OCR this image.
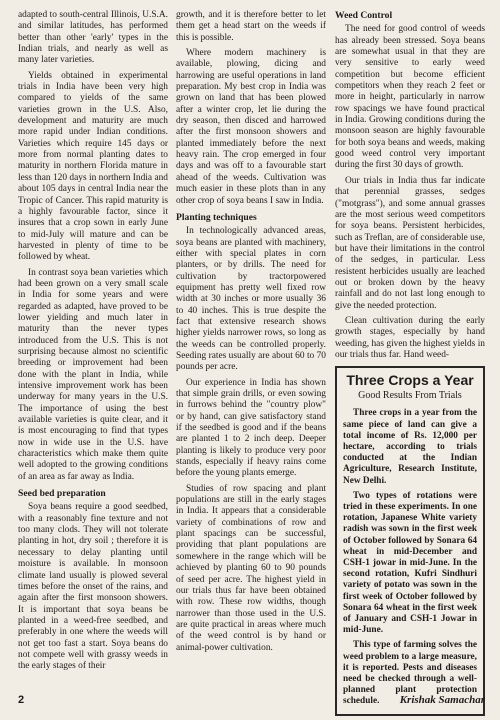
adapted to south-central Illinois, U.S.A. and similar latitudes, has performed better than other 'early' types in the Indian trials, and nearly as well as many later varieties.

Yields obtained in experimental trials in India have been very high compared to yields of the same varieties grown in the U.S. Also, development and maturity are much more rapid under Indian conditions. Varieties which require 145 days or more from normal planting dates to maturity in northern Florida mature in less than 120 days in northern India and about 105 days in central India near the Tropic of Cancer. This rapid maturity is a highly favourable factor, since it insures that a crop sown in early June to mid-July will mature and can be harvested in plenty of time to be followed by wheat.

In contrast soya bean varieties which had been grown on a very small scale in India for some years and were regarded as adapted, have proved to be lower yielding and much later in maturity than the never types introduced from the U.S. This is not surprising because almost no scientific breeding or improvement had been done with the plant in India, while intensive improvement work has been underway for many years in the U.S. The importance of using the best available varieties is quite clear, and it is most encouraging to find that types now in wide use in the U.S. have characteristics which make them quite well adopted to the growing conditions of an area as far away as India.

Seed bed preparation

Soya beans require a good seedbed, with a reasonably fine texture and not too many clods. They will not tolerate planting in hot, dry soil ; therefore it is necessary to delay planting until moisture is available. In monsoon climate land usually is plowed several times before the onset of the rains, and again after the first monsoon showers. It is important that soya beans be planted in a weed-free seedbed, and preferably in one where the weeds will not get too fast a start. Soya beans do not compete well with grassy weeds in the early stages of their

growth, and it is therefore better to let them get a head start on the weeds if this is possible.

Where modern machinery is available, plowing, dicing and harrowing are useful operations in land preparation. My best crop in India was grown on land that has been plowed after a winter crop, let lie during the dry season, then disced and harrowed after the first monsoon showers and planted immediately before the next heavy rain. The crop emerged in four days and was off to a favourable start ahead of the weeds. Cultivation was much easier in these plots than in any other crop of soya beans I saw in India.

Planting techniques

In technologically advanced areas, soya beans are planted with machinery, either with special plates in corn planters, or by drills. The need for cultivation by tractorpowered equipment has pretty well fixed row width at 30 inches or more usually 36 to 40 inches. This is true despite the fact that extensive research shows higher yields narrower rows, so long as the weeds can be controlled properly. Seeding rates usually are about 60 to 70 pounds per acre.

Our experience in India has shown that simple grain drills, or even sowing in furrows behind the "country plow" or by hand, can give satisfactory stand if the seedbed is good and if the beans are planted 1 to 2 inch deep. Deeper planting is likely to produce very poor stands, especially if heavy rains come before the young plants emerge.

Studies of row spacing and plant populations are still in the early stages in India. It appears that a considerable variety of combinations of row and plant spacings can be successful, providing that plant populations are somewhere in the range which will be achieved by planting 60 to 90 pounds of seed per acre. The highest yield in our trials thus far have been obtained with row. These row widths, though narrower than those used in the U.S. are quite practical in areas where much of the weed control is by hand or animal-power cultivation.

Weed Control

The need for good control of weeds has already been stressed. Soya beans are somewhat usual in that they are very sensitive to early weed competition but become efficient competitors when they reach 2 feet or more in height, particularly in narrow row spacings we have found practical in India. Growing conditions during the monsoon season are highly favourable for both soya beans and weeds, making good weed control very important during the first 30 days of growth.

Our trials in India thus far indicate that perennial grasses, sedges ("motgrass"), and some annual grasses are the most serious weed competitors for soya beans. Persistent herbicides, such as Treflan, are of considerable use, but have their limitations in the control of the sedges, in particular. Less resistent herbicides usually are leached out or broken down by the heavy rainfall and do not last long enough to give the needed protection.

Clean cultivation during the early growth stages, especially by hand weeding, has given the highest yields in our trials thus far. Hand weed-

Three Crops a Year
Good Results From Trials

Three crops in a year from the same piece of land can give a total income of Rs. 12,000 per hectare, according to trials conducted at the Indian Agriculture, Research Institute, New Delhi.

Two types of rotations were tried in these experiments. In one rotation, Japanese White variety radish was sown in the first week of October followed by Sonara 64 wheat in mid-December and CSH-1 jowar in mid-June. In the second rotation, Kufri Sindhuri variety of potato was sown in the first week of October followed by Sonara 64 wheat in the first week of January and CSH-1 Jowar in mid-June.

This type of farming solves the weed problem to a large measure, it is reported. Pests and diseases need be checked through a well-planned plant protection schedule.

2	Krishak Samachar
